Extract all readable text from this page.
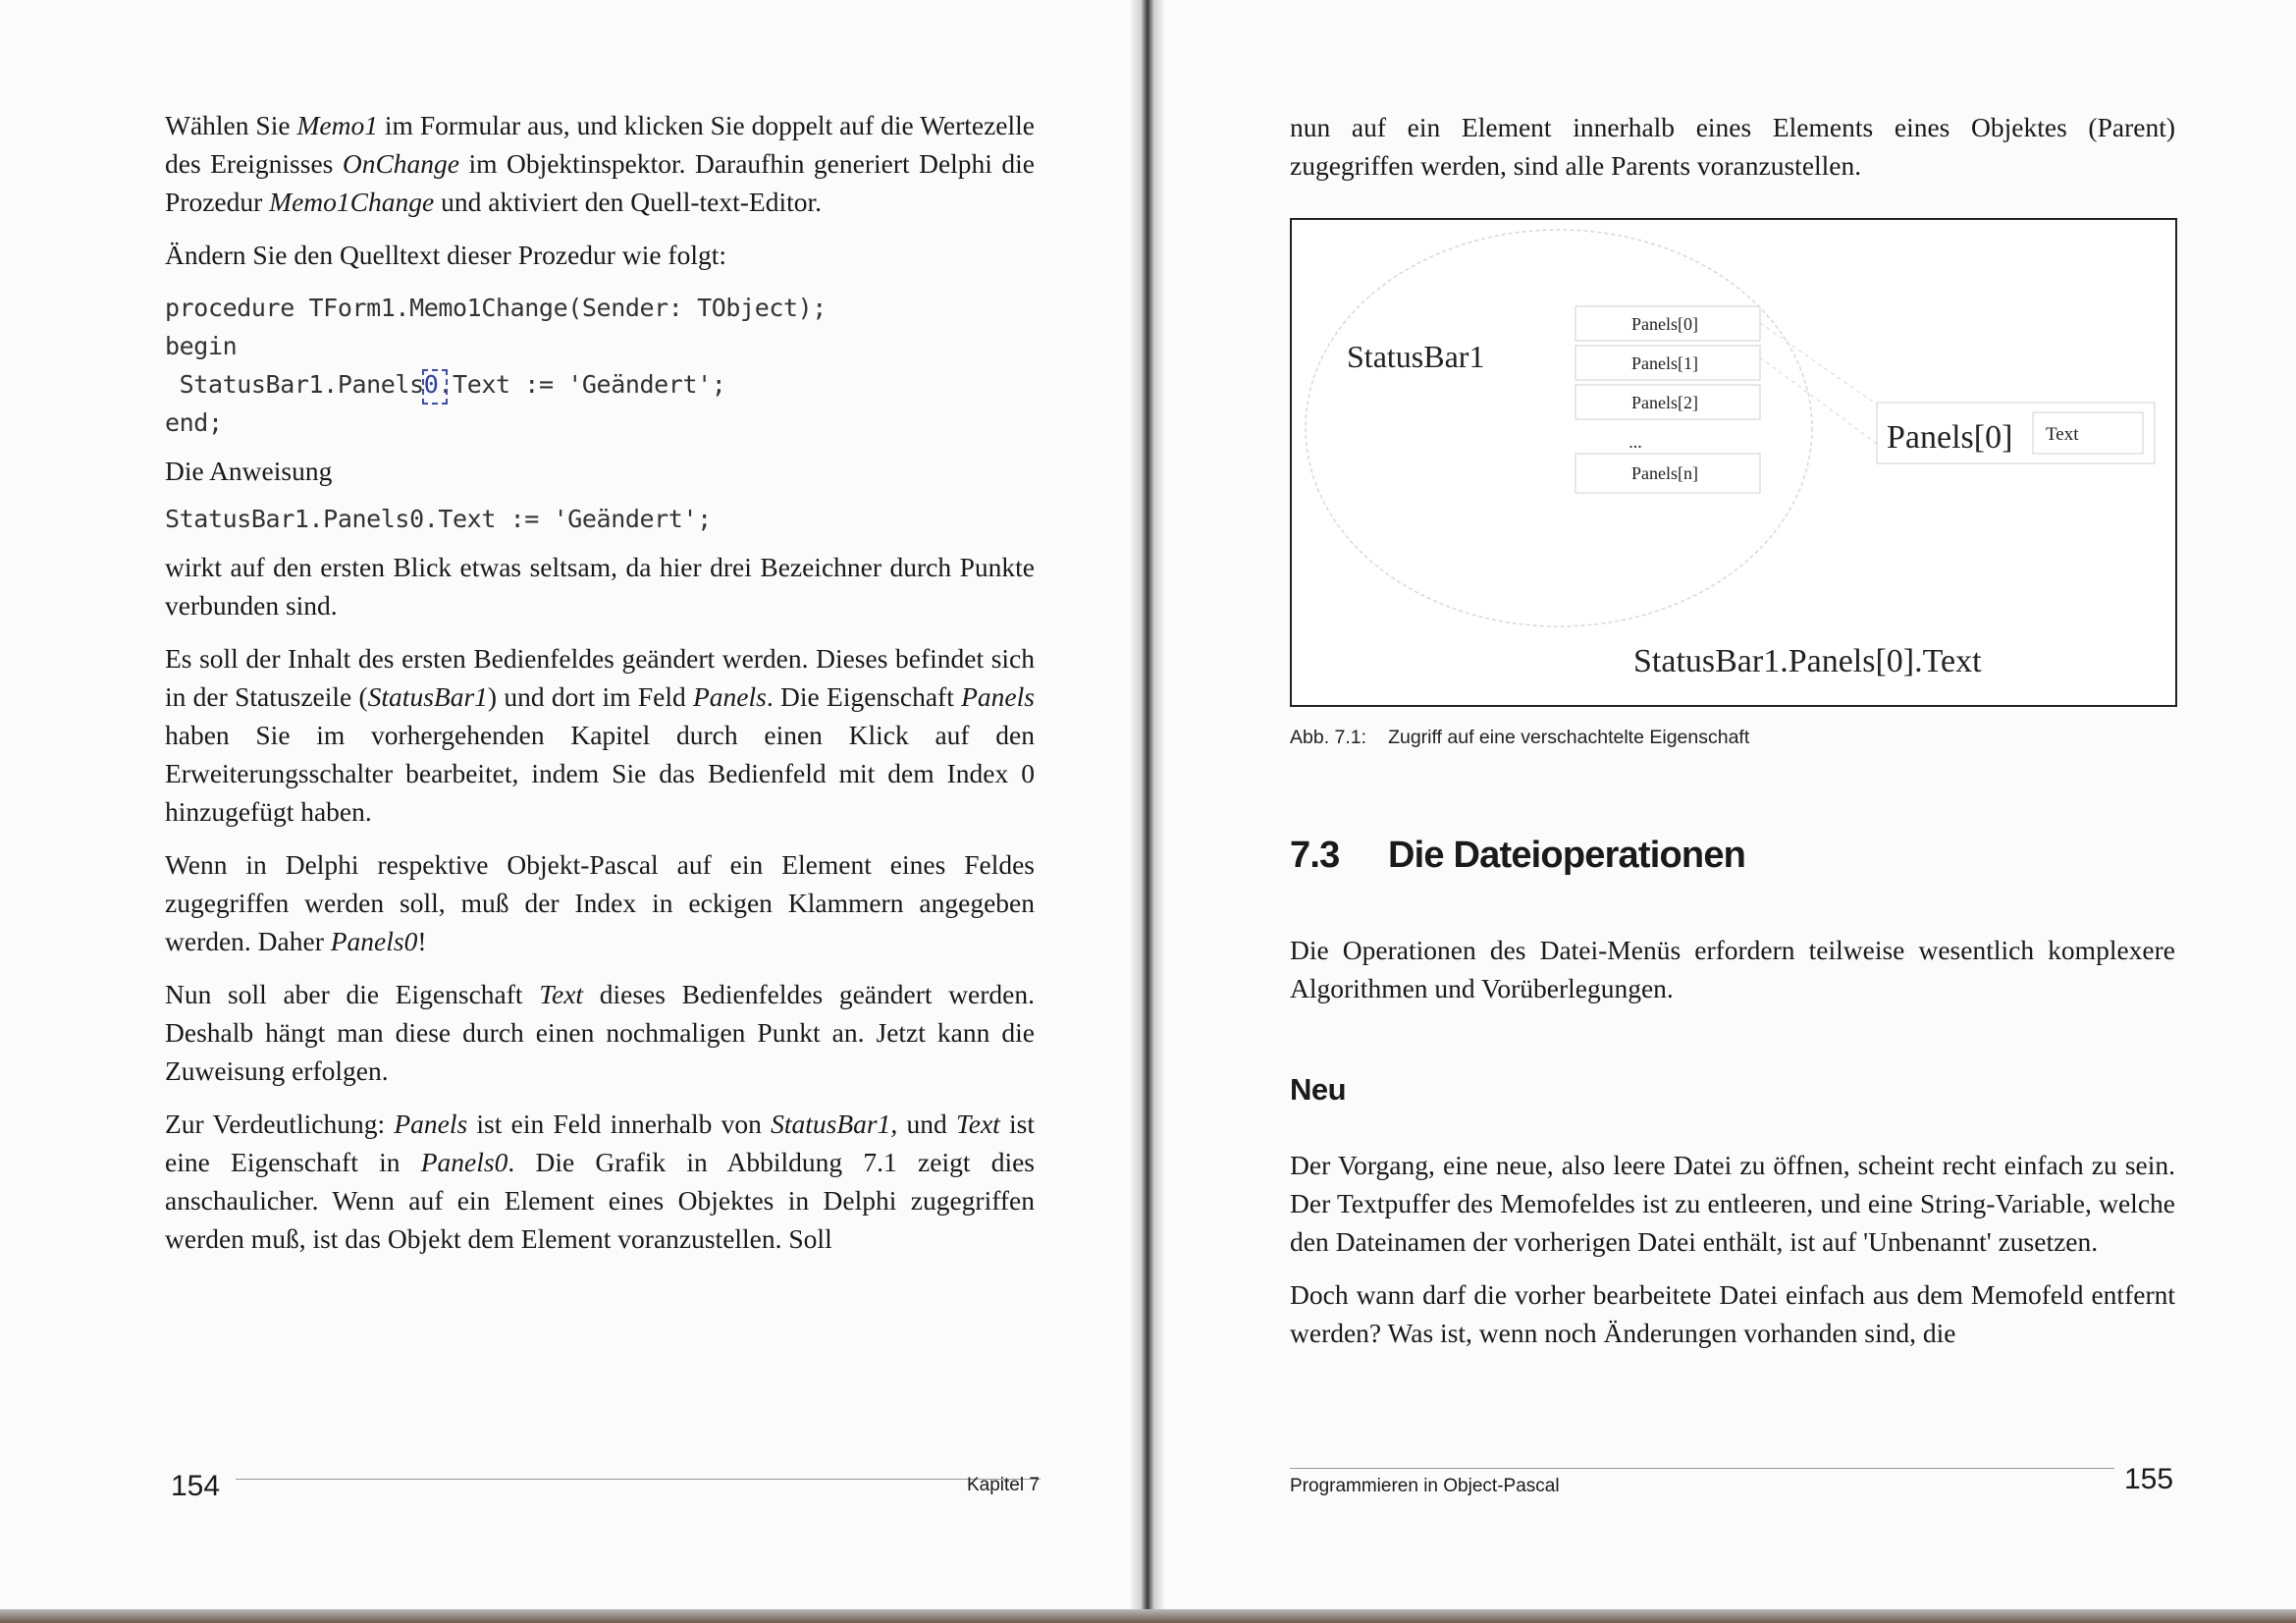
Wählen Sie Memo1 im Formular aus, und klicken Sie doppelt auf die Wertezelle des Ereignisses OnChange im Objektinspektor. Daraufhin generiert Delphi die Prozedur Memo1Change und aktiviert den Quell-text-Editor.

Ändern Sie den Quelltext dieser Prozedur wie folgt:

procedure TForm1.Memo1Change(Sender: TObject);
begin
StatusBar1.Panels0.Text := 'Geändert';
end;

Die Anweisung

StatusBar1.Panels0.Text := 'Geändert';

wirkt auf den ersten Blick etwas seltsam, da hier drei Bezeichner durch Punkte verbunden sind.

Es soll der Inhalt des ersten Bedienfeldes geändert werden. Dieses befindet sich in der Statuszeile (StatusBar1) und dort im Feld Panels. Die Eigenschaft Panels haben Sie im vorhergehenden Kapitel durch einen Klick auf den Erweiterungsschalter bearbeitet, indem Sie das Bedienfeld mit dem Index 0 hinzugefügt haben.

Wenn in Delphi respektive Objekt-Pascal auf ein Element eines Feldes zugegriffen werden soll, muß der Index in eckigen Klammern angegeben werden. Daher Panels0!

Nun soll aber die Eigenschaft Text dieses Bedienfeldes geändert werden. Deshalb hängt man diese durch einen nochmaligen Punkt an. Jetzt kann die Zuweisung erfolgen.

Zur Verdeutlichung: Panels ist ein Feld innerhalb von StatusBar1, und Text ist eine Eigenschaft in Panels0. Die Grafik in Abbildung 7.1 zeigt dies anschaulicher. Wenn auf ein Element eines Objektes in Delphi zugegriffen werden muß, ist das Objekt dem Element voranzustellen. Soll

154	Kapitel 7

nun auf ein Element innerhalb eines Elements eines Objektes (Parent) zugegriffen werden, sind alle Parents voranzustellen.

StatusBar1
Panels[0]
Panels[1]
Panels[2]
...
Panels[n]
Panels[0] Text
StatusBar1.Panels[0].Text
Abb. 7.1: Zugriff auf eine verschachtelte Eigenschaft
7.3 Die Dateioperationen

Die Operationen des Datei-Menüs erfordern teilweise wesentlich komplexere Algorithmen und Vorüberlegungen.

Neu

Der Vorgang, eine neue, also leere Datei zu öffnen, scheint recht einfach zu sein. Der Textpuffer des Memofeldes ist zu entleeren, und eine String-Variable, welche den Dateinamen der vorherigen Datei enthält, ist auf 'Unbenannt' zusetzen.

Doch wann darf die vorher bearbeitete Datei einfach aus dem Memofeld entfernt werden? Was ist, wenn noch Änderungen vorhanden sind, die

Programmieren in Object-Pascal	155
